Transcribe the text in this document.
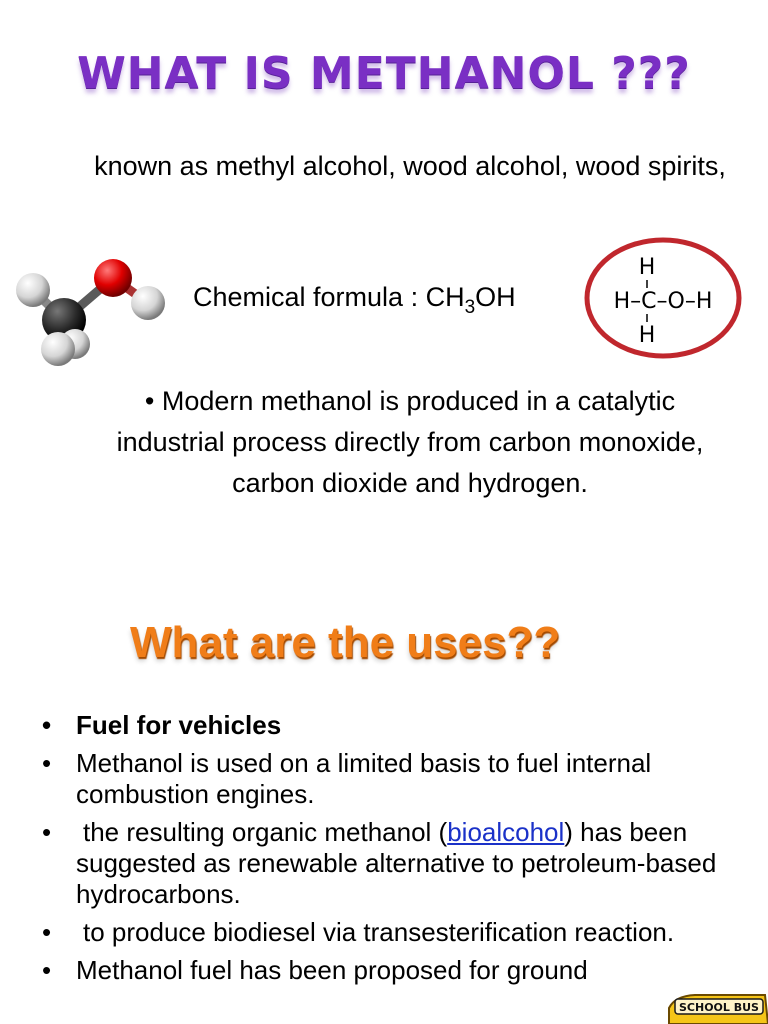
WHAT IS METHANOL ???
known as methyl alcohol, wood alcohol, wood spirits,
Chemical formula : $CH_3OH$
H
H–C–O–H
H
• Modern methanol is produced in a catalytic industrial process directly from carbon monoxide, carbon dioxide and hydrogen.
What are the uses??
• Fuel for vehicles
• Methanol is used on a limited basis to fuel internal combustion engines.
• the resulting organic methanol (bioalcohol) has been suggested as renewable alternative to petroleum-based hydrocarbons.
• to produce biodiesel via transesterification reaction.
• Methanol fuel has been proposed for ground
SCHOOL BUS
